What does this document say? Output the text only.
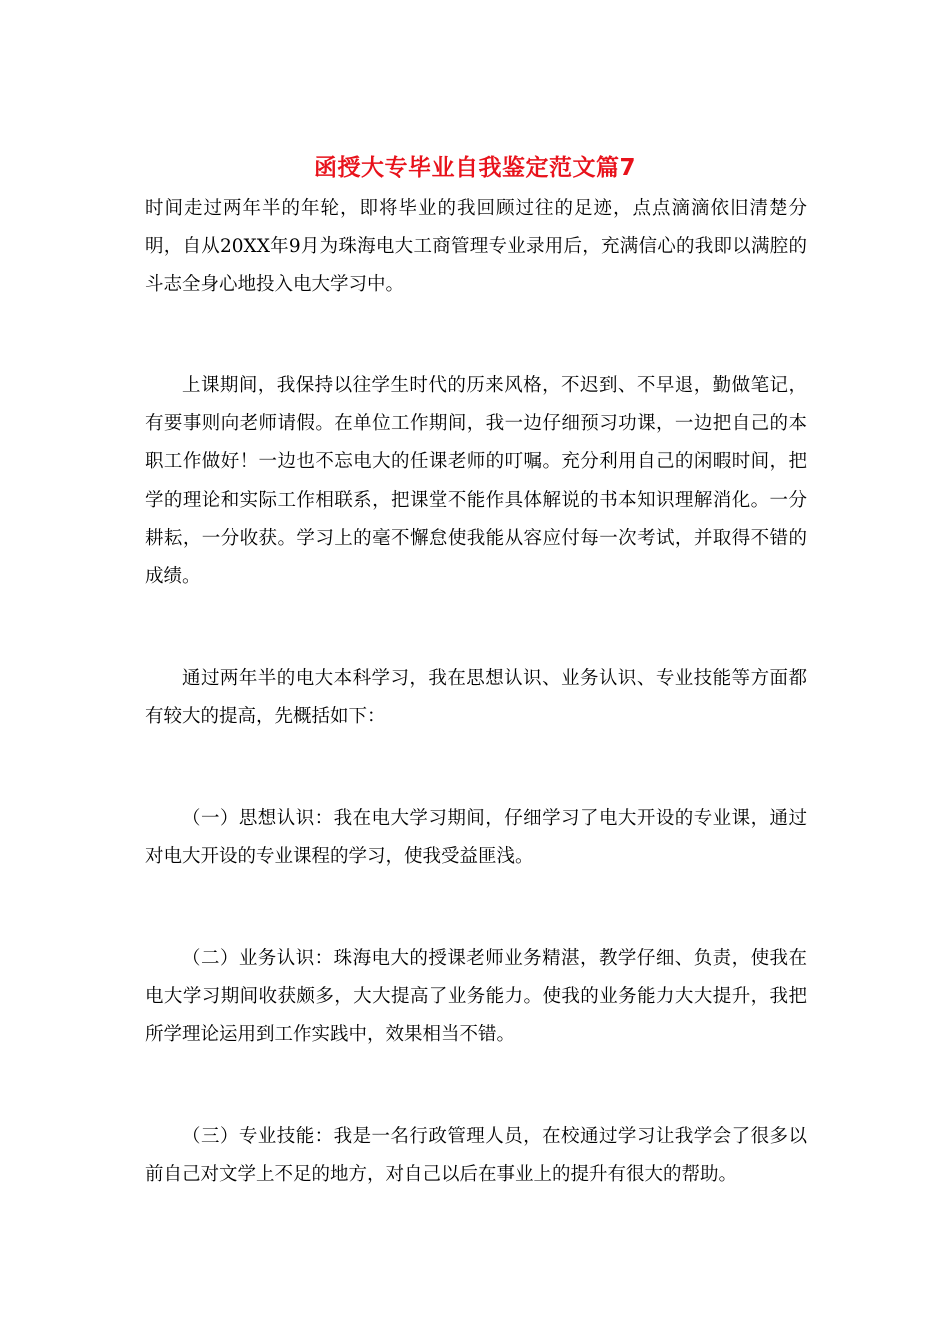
函授大专毕业自我鉴定范文篇7

时间走过两年半的年轮，即将毕业的我回顾过往的足迹，点点滴滴依旧清楚分明，自从20XX年9月为珠海电大工商管理专业录用后，充满信心的我即以满腔的斗志全身心地投入电大学习中。

上课期间，我保持以往学生时代的历来风格，不迟到、不早退，勤做笔记，有要事则向老师请假。在单位工作期间，我一边仔细预习功课，一边把自己的本职工作做好！一边也不忘电大的任课老师的叮嘱。充分利用自己的闲暇时间，把学的理论和实际工作相联系，把课堂不能作具体解说的书本知识理解消化。一分耕耘，一分收获。学习上的毫不懈怠使我能从容应付每一次考试，并取得不错的成绩。

通过两年半的电大本科学习，我在思想认识、业务认识、专业技能等方面都有较大的提高，先概括如下：

（一）思想认识：我在电大学习期间，仔细学习了电大开设的专业课，通过对电大开设的专业课程的学习，使我受益匪浅。

（二）业务认识：珠海电大的授课老师业务精湛，教学仔细、负责，使我在电大学习期间收获颇多，大大提高了业务能力。使我的业务能力大大提升，我把所学理论运用到工作实践中，效果相当不错。

（三）专业技能：我是一名行政管理人员，在校通过学习让我学会了很多以前自己对文学上不足的地方，对自己以后在事业上的提升有很大的帮助。
